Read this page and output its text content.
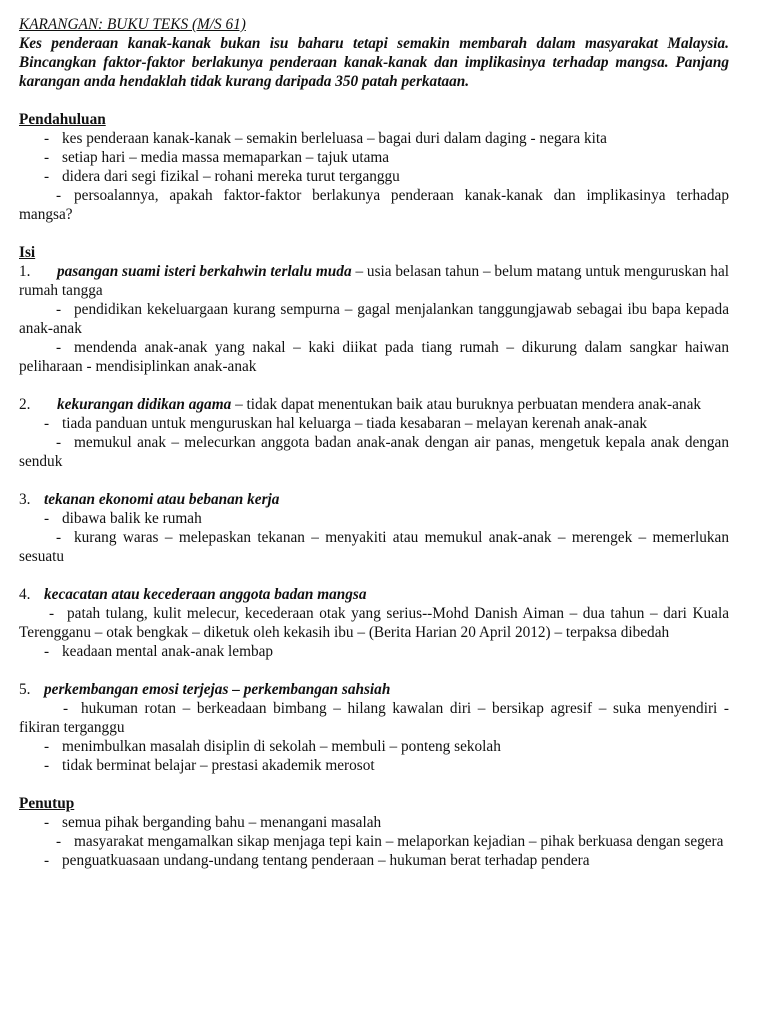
KARANGAN: BUKU TEKS (M/S 61)

Kes penderaan kanak-kanak bukan isu baharu tetapi semakin membarah dalam masyarakat Malaysia. Bincangkan faktor-faktor berlakunya penderaan kanak-kanak dan implikasinya terhadap mangsa. Panjang karangan anda hendaklah tidak kurang daripada 350 patah perkataan.

Pendahuluan

- kes penderaan kanak-kanak – semakin berleluasa – bagai duri dalam daging - negara kita

- setiap hari – media massa memaparkan – tajuk utama

- didera dari segi fizikal – rohani mereka turut terganggu

- persoalannya, apakah faktor-faktor berlakunya penderaan kanak-kanak dan implikasinya terhadap mangsa?

Isi

1. pasangan suami isteri berkahwin terlalu muda – usia belasan tahun – belum matang untuk menguruskan hal rumah tangga

- pendidikan kekeluargaan kurang sempurna – gagal menjalankan tanggungjawab sebagai ibu bapa kepada anak-anak

- mendenda anak-anak yang nakal – kaki diikat pada tiang rumah – dikurung dalam sangkar haiwan peliharaan - mendisiplinkan anak-anak

2. kekurangan didikan agama – tidak dapat menentukan baik atau buruknya perbuatan mendera anak-anak

- tiada panduan untuk menguruskan hal keluarga – tiada kesabaran – melayan kerenah anak-anak

- memukul anak – melecurkan anggota badan anak-anak dengan air panas, mengetuk kepala anak dengan senduk

3. tekanan ekonomi atau bebanan kerja

- dibawa balik ke rumah

- kurang waras – melepaskan tekanan – menyakiti atau memukul anak-anak – merengek – memerlukan sesuatu

4. kecacatan atau kecederaan anggota badan mangsa

- patah tulang, kulit melecur, kecederaan otak yang serius--Mohd Danish Aiman – dua tahun – dari Kuala Terengganu – otak bengkak – diketuk oleh kekasih ibu – (Berita Harian 20 April 2012) – terpaksa dibedah

- keadaan mental anak-anak lembap

5. perkembangan emosi terjejas – perkembangan sahsiah

- hukuman rotan – berkeadaan bimbang – hilang kawalan diri – bersikap agresif – suka menyendiri - fikiran terganggu

- menimbulkan masalah disiplin di sekolah – membuli – ponteng sekolah

- tidak berminat belajar – prestasi akademik merosot

Penutup

- semua pihak berganding bahu – menangani masalah

- masyarakat mengamalkan sikap menjaga tepi kain – melaporkan kejadian – pihak berkuasa dengan segera

- penguatkuasaan undang-undang tentang penderaan – hukuman berat terhadap pendera
